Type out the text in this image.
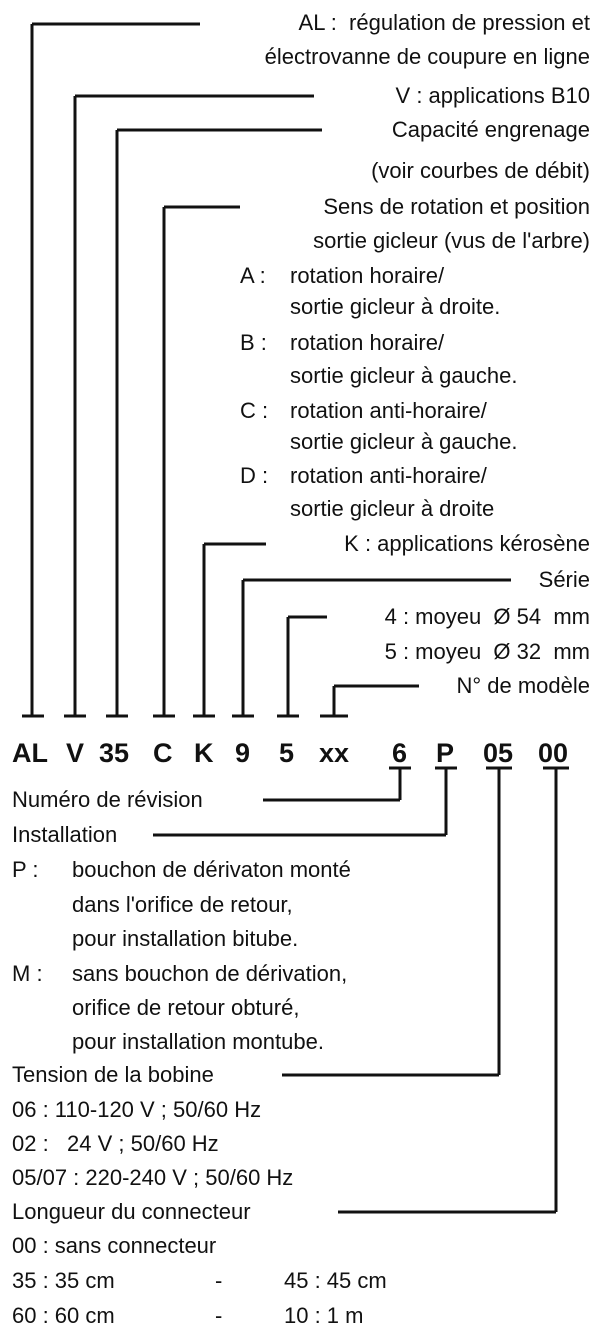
AL :  régulation de pression et
électrovanne de coupure en ligne
V : applications B10
Capacité engrenage
(voir courbes de débit)
Sens de rotation et position
sortie gicleur (vus de l'arbre)
A : rotation horaire/
sortie gicleur à droite.
B : rotation horaire/
sortie gicleur à gauche.
C : rotation anti-horaire/
sortie gicleur à gauche.
D : rotation anti-horaire/
sortie gicleur à droite
K : applications kérosène
Série
4 : moyeu  Ø 54  mm
5 : moyeu  Ø 32  mm
N° de modèle
AL V 35 C K 9 5 xx 6 P 05 00
Numéro de révision
Installation
P : bouchon de dérivaton monté
dans l'orifice de retour,
pour installation bitube.
M : sans bouchon de dérivation,
orifice de retour obturé,
pour installation montube.
Tension de la bobine
06 : 110-120 V ; 50/60 Hz
02 :   24 V ; 50/60 Hz
05/07 : 220-240 V ; 50/60 Hz
Longueur du connecteur
00 : sans connecteur
35 : 35 cm	-	45 : 45 cm
60 : 60 cm	-	10 : 1 m
